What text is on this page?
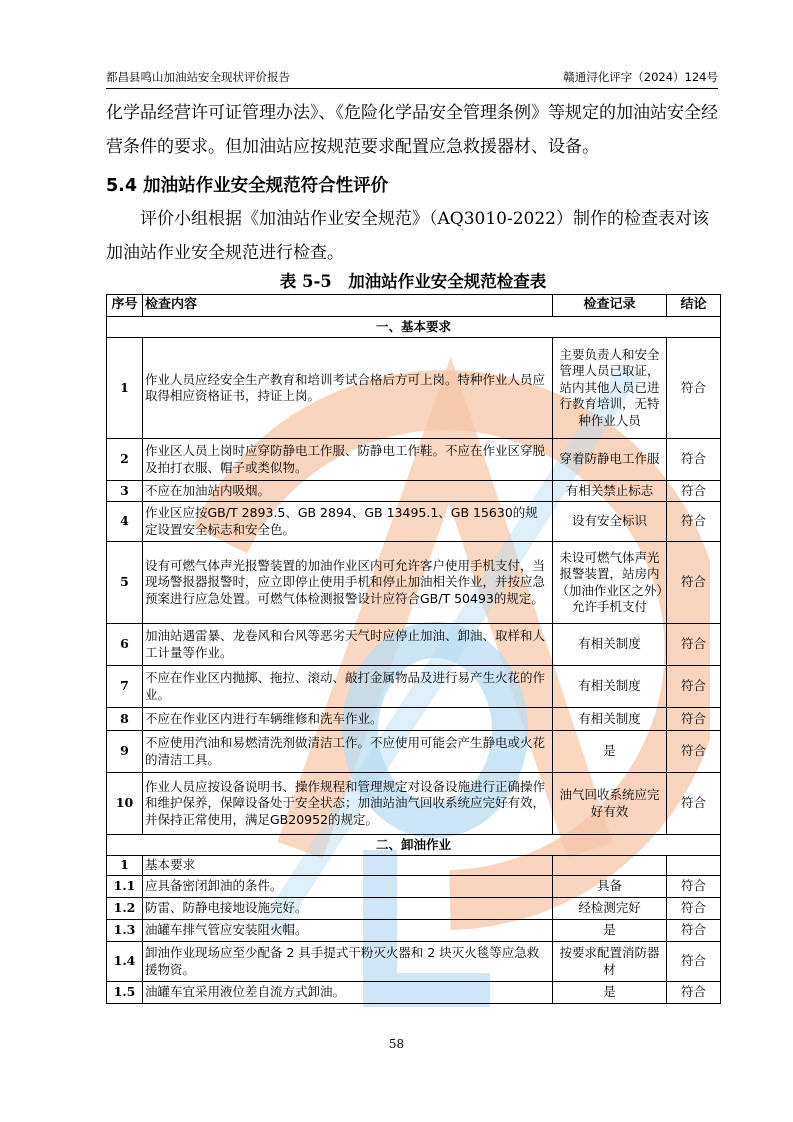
都昌县鸣山加油站安全现状评价报告	赣通浔化评字（2024）124号
化学品经营许可证管理办法》、《危险化学品安全管理条例》等规定的加油站安全经营条件的要求。但加油站应按规范要求配置应急救援器材、设备。
5.4 加油站作业安全规范符合性评价
评价小组根据《加油站作业安全规范》（AQ3010-2022）制作的检查表对该加油站作业安全规范进行检查。
表 5-5　加油站作业安全规范检查表
序号	检查内容	检查记录	结论
一、基本要求			
1	作业人员应经安全生产教育和培训考试合格后方可上岗。特种作业人员应取得相应资格证书，持证上岗。	主要负责人和安全管理人员已取证，站内其他人员已进行教育培训，无特种作业人员	符合
2	作业区人员上岗时应穿防静电工作服、防静电工作鞋。不应在作业区穿脱及拍打衣服、帽子或类似物。	穿着防静电工作服	符合
3	不应在加油站内吸烟。	有相关禁止标志	符合
4	作业区应按GB/T 2893.5、GB 2894、GB 13495.1、GB 15630的规定设置安全标志和安全色。	设有安全标识	符合
5	设有可燃气体声光报警装置的加油作业区内可允许客户使用手机支付，当现场警报器报警时，应立即停止使用手机和停止加油相关作业，并按应急预案进行应急处置。可燃气体检测报警设计应符合GB/T 50493的规定。	未设可燃气体声光报警装置，站房内（加油作业区之外）允许手机支付	符合
6	加油站遇雷暴、龙卷风和台风等恶劣天气时应停止加油、卸油、取样和人工计量等作业。	有相关制度	符合
7	不应在作业区内抛掷、拖拉、滚动、敲打金属物品及进行易产生火花的作业。	有相关制度	符合
8	不应在作业区内进行车辆维修和洗车作业。	有相关制度	符合
9	不应使用汽油和易燃清洗剂做清洁工作。不应使用可能会产生静电或火花的清洁工具。	是	符合
10	作业人员应按设备说明书、操作规程和管理规定对设备设施进行正确操作和维护保养，保障设备处于安全状态；加油站油气回收系统应完好有效，并保持正常使用，满足GB20952的规定。	油气回收系统应完好有效	符合
二、卸油作业			
1	基本要求		
1.1	应具备密闭卸油的条件。	具备	符合
1.2	防雷、防静电接地设施完好。	经检测完好	符合
1.3	油罐车排气管应安装阻火帽。	是	符合
1.4	卸油作业现场应至少配备 2 具手提式干粉灭火器和 2 块灭火毯等应急救援物资。	按要求配置消防器材	符合
1.5	油罐车宜采用液位差自流方式卸油。	是	符合
58
